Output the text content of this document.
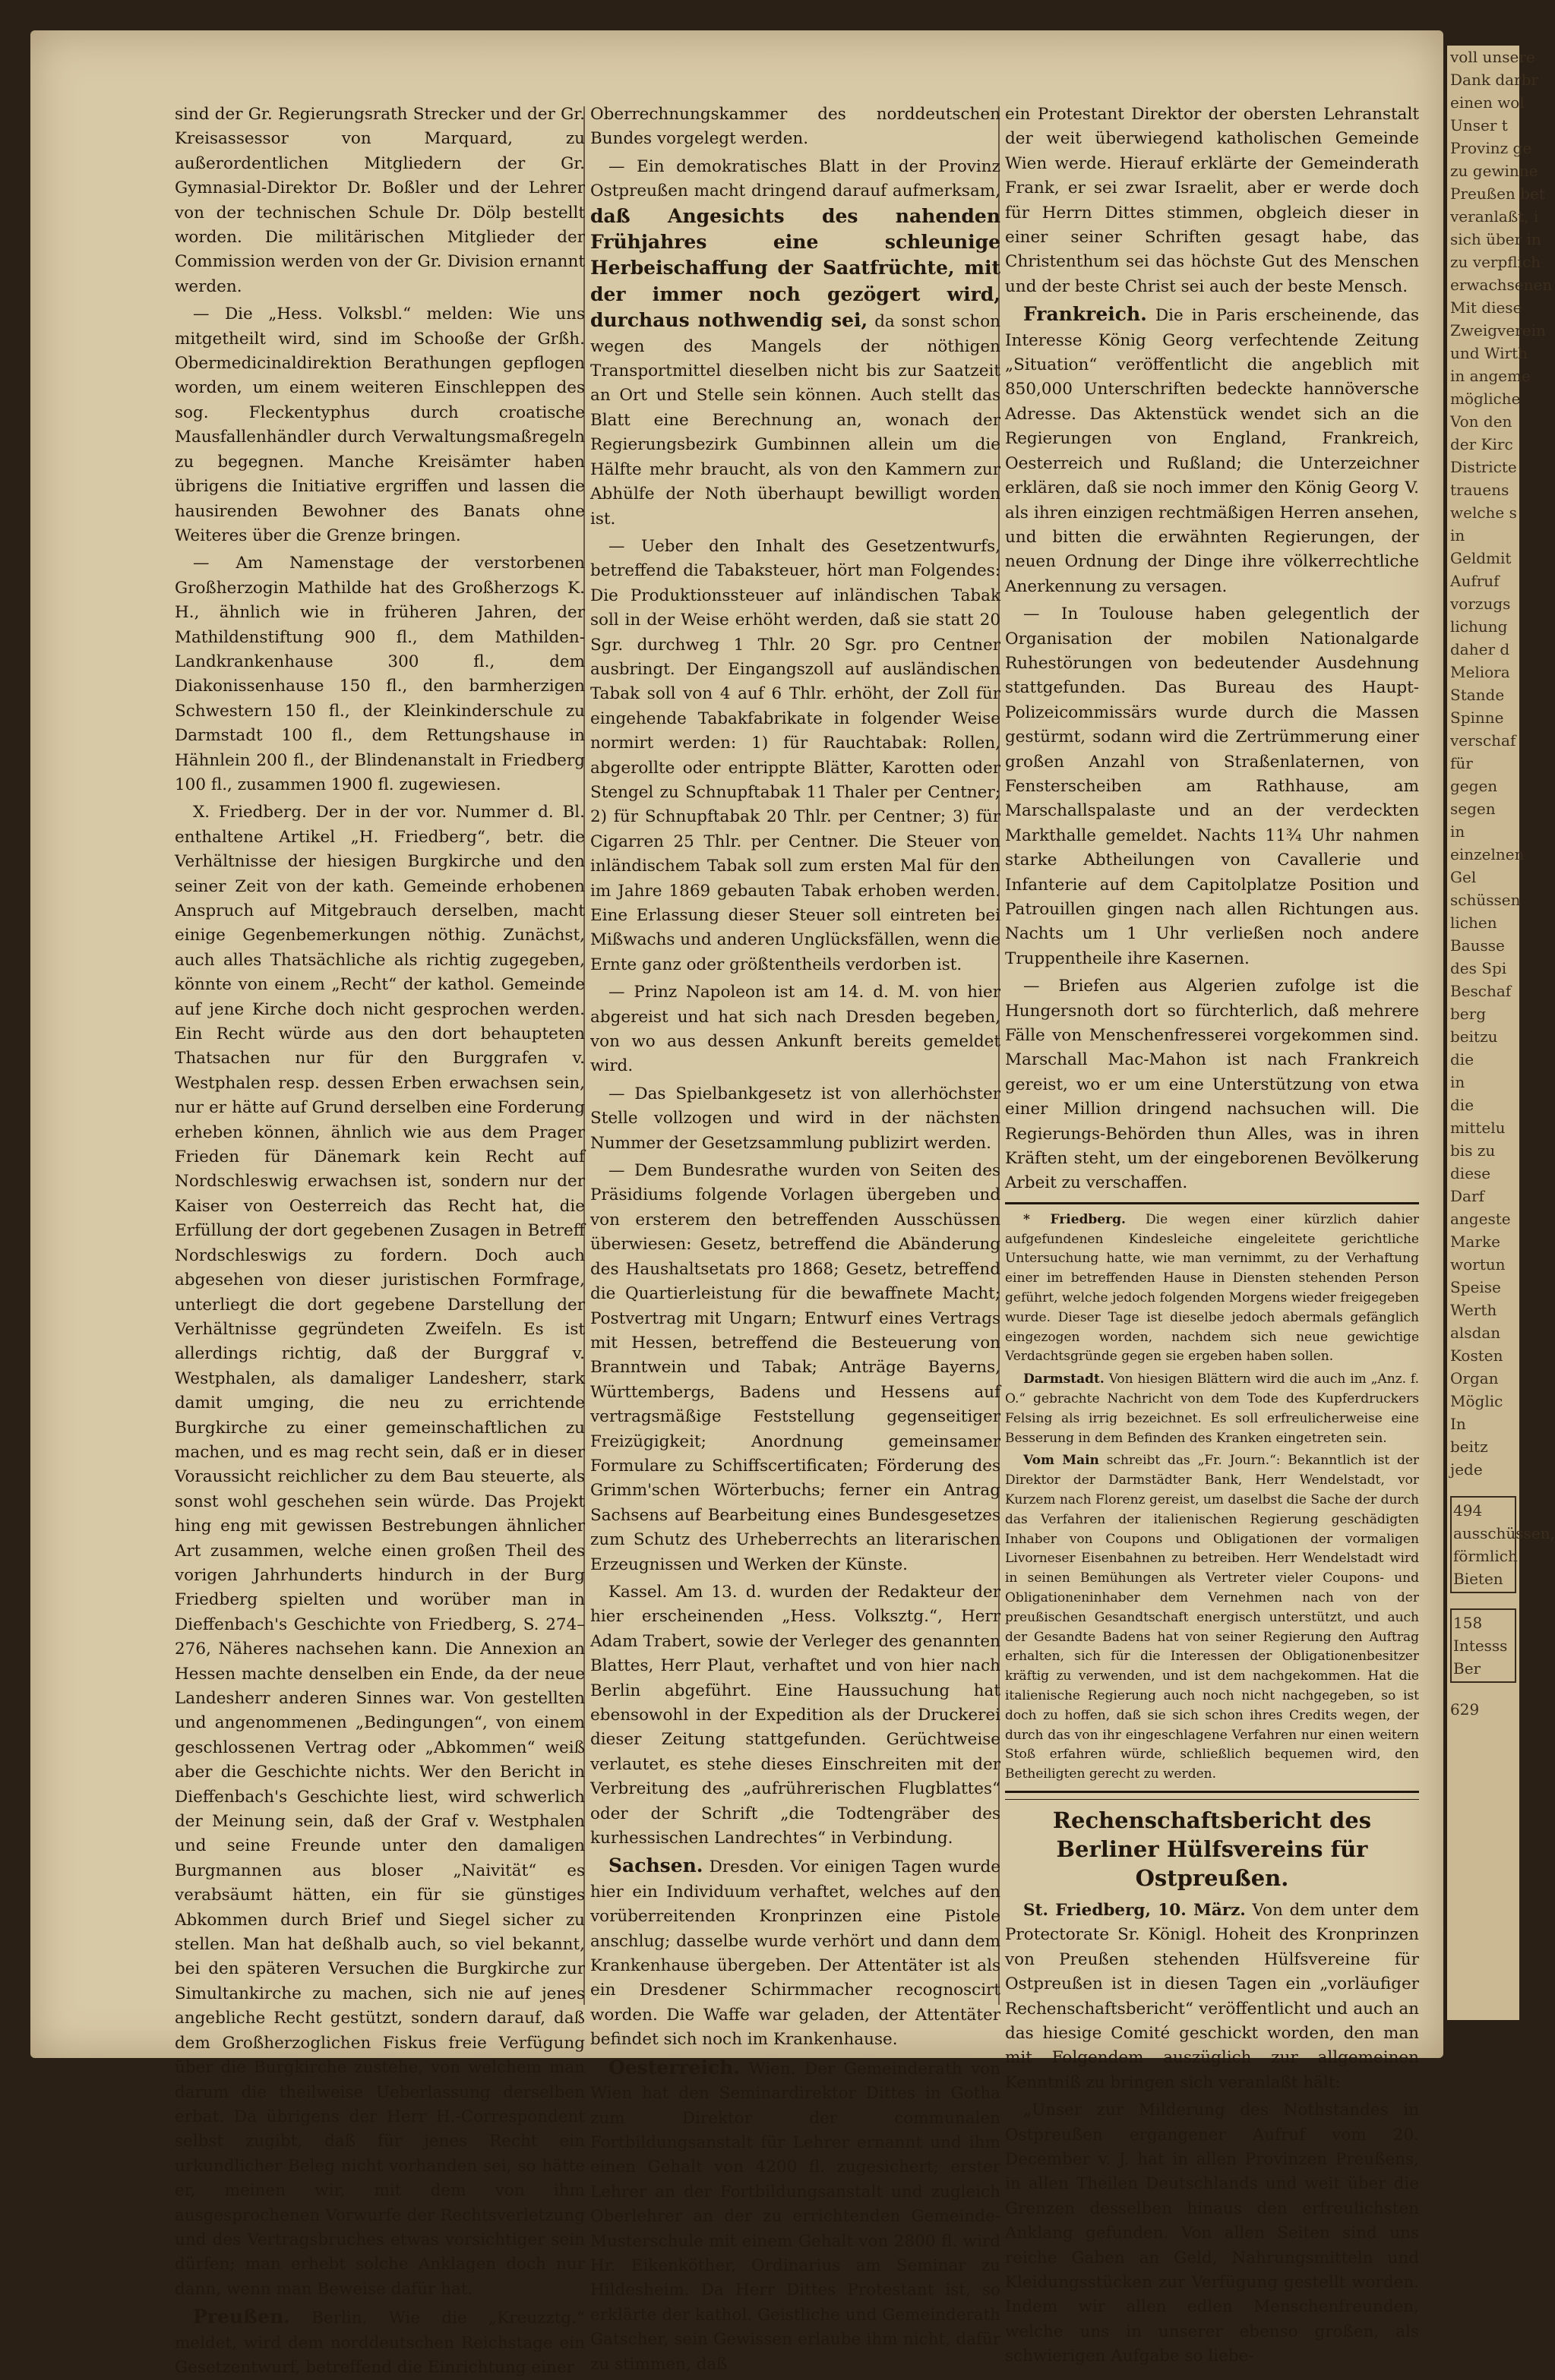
voll unsere
Dank darbr
einen wol
Unser t
Provinz ge
zu gewinne
Preußen bet
veranlaßt, i
sich über in
zu verpflich
erwachsenen
Mit diese
Zweigverein
und Wirth
in angeme
mögliche
Von den
der Kirc
Districte
trauens
welche s
in
Geldmit
Aufruf
vorzugs
lichung
daher d
Meliora
Stande
Spinne
verschaf
für
gegen
segen
in
einzelnen
Gel
schüssen
lichen
Bausse
des Spi
Beschaf
berg
beitzu
die
in
die
mittelu
bis zu
diese
Darf
angeste
Marke
wortun
Speise
Werth
alsdan
Kosten
Organ
Möglic
In
beitz
jede
494 ausschüssen, förmlich Bieten
158 Intesss Ber
629

sind der Gr. Regierungsrath Strecker und der Gr. Kreisassessor von Marquard, zu außerordentlichen Mitgliedern der Gr. Gymnasial-Direktor Dr. Boßler und der Lehrer von der technischen Schule Dr. Dölp bestellt worden. Die militärischen Mitglieder der Commission werden von der Gr. Division ernannt werden.

— Die „Hess. Volksbl.“ melden: Wie uns mitgetheilt wird, sind im Schooße der Grßh. Obermedicinaldirektion Berathungen gepflogen worden, um einem weiteren Einschleppen des sog. Fleckentyphus durch croatische Mausfallenhändler durch Verwaltungsmaßregeln zu begegnen. Manche Kreisämter haben übrigens die Initiative ergriffen und lassen die hausirenden Bewohner des Banats ohne Weiteres über die Grenze bringen.

— Am Namenstage der verstorbenen Großherzogin Mathilde hat des Großherzogs K. H., ähnlich wie in früheren Jahren, der Mathildenstiftung 900 fl., dem Mathilden-Landkrankenhause 300 fl., dem Diakonissenhause 150 fl., den barmherzigen Schwestern 150 fl., der Kleinkinderschule zu Darmstadt 100 fl., dem Rettungshause in Hähnlein 200 fl., der Blindenanstalt in Friedberg 100 fl., zusammen 1900 fl. zugewiesen.

X. Friedberg. Der in der vor. Nummer d. Bl. enthaltene Artikel „H. Friedberg“, betr. die Verhältnisse der hiesigen Burgkirche und den seiner Zeit von der kath. Gemeinde erhobenen Anspruch auf Mitgebrauch derselben, macht einige Gegenbemerkungen nöthig. Zunächst, auch alles Thatsächliche als richtig zugegeben, könnte von einem „Recht“ der kathol. Gemeinde auf jene Kirche doch nicht gesprochen werden. Ein Recht würde aus den dort behaupteten Thatsachen nur für den Burggrafen v. Westphalen resp. dessen Erben erwachsen sein, nur er hätte auf Grund derselben eine Forderung erheben können, ähnlich wie aus dem Prager Frieden für Dänemark kein Recht auf Nordschleswig erwachsen ist, sondern nur der Kaiser von Oesterreich das Recht hat, die Erfüllung der dort gegebenen Zusagen in Betreff Nordschleswigs zu fordern. Doch auch abgesehen von dieser juristischen Formfrage, unterliegt die dort gegebene Darstellung der Verhältnisse gegründeten Zweifeln. Es ist allerdings richtig, daß der Burggraf v. Westphalen, als damaliger Landesherr, stark damit umging, die neu zu errichtende Burgkirche zu einer gemeinschaftlichen zu machen, und es mag recht sein, daß er in dieser Voraussicht reichlicher zu dem Bau steuerte, als sonst wohl geschehen sein würde. Das Projekt hing eng mit gewissen Bestrebungen ähnlicher Art zusammen, welche einen großen Theil des vorigen Jahrhunderts hindurch in der Burg Friedberg spielten und worüber man in Dieffenbach's Geschichte von Friedberg, S. 274–276, Näheres nachsehen kann. Die Annexion an Hessen machte denselben ein Ende, da der neue Landesherr anderen Sinnes war. Von gestellten und angenommenen „Bedingungen“, von einem geschlossenen Vertrag oder „Abkommen“ weiß aber die Geschichte nichts. Wer den Bericht in Dieffenbach's Geschichte liest, wird schwerlich der Meinung sein, daß der Graf v. Westphalen und seine Freunde unter den damaligen Burgmannen aus bloser „Naivität“ es verabsäumt hätten, ein für sie günstiges Abkommen durch Brief und Siegel sicher zu stellen. Man hat deßhalb auch, so viel bekannt, bei den späteren Versuchen die Burgkirche zur Simultankirche zu machen, sich nie auf jenes angebliche Recht gestützt, sondern darauf, daß dem Großherzoglichen Fiskus freie Verfügung über die Burgkirche zustehe, von welchem man darum die theilweise Ueberlassung derselben erbat. Da übrigens der Herr H.-Correspondent selbst zugibt, daß für jenes Recht ein urkundlicher Beleg nicht vorhanden sei, so hätte er, meinen wir, mit dem von ihm ausgesprochenen Vorwurfe der Rechtsverletzung und des Vertragsbruches etwas vorsichtiger sein dürfen; man erhebt solche Anklagen doch nur dann, wenn man Beweise dafür hat.

Preußen. Berlin. Wie die „Kreuzztg.“ meldet, wird dem norddeutschen Reichstage ein Gesetzentwurf, betreffend die Einrichtung einer

Oberrechnungskammer des norddeutschen Bundes vorgelegt werden.

— Ein demokratisches Blatt in der Provinz Ostpreußen macht dringend darauf aufmerksam, daß Angesichts des nahenden Frühjahres eine schleunige Herbeischaffung der Saatfrüchte, mit der immer noch gezögert wird, durchaus nothwendig sei, da sonst schon wegen des Mangels der nöthigen Transportmittel dieselben nicht bis zur Saatzeit an Ort und Stelle sein können. Auch stellt das Blatt eine Berechnung an, wonach der Regierungsbezirk Gumbinnen allein um die Hälfte mehr braucht, als von den Kammern zur Abhülfe der Noth überhaupt bewilligt worden ist.

— Ueber den Inhalt des Gesetzentwurfs, betreffend die Tabaksteuer, hört man Folgendes: Die Produktionssteuer auf inländischen Tabak soll in der Weise erhöht werden, daß sie statt 20 Sgr. durchweg 1 Thlr. 20 Sgr. pro Centner ausbringt. Der Eingangszoll auf ausländischen Tabak soll von 4 auf 6 Thlr. erhöht, der Zoll für eingehende Tabakfabrikate in folgender Weise normirt werden: 1) für Rauchtabak: Rollen, abgerollte oder entrippte Blätter, Karotten oder Stengel zu Schnupftabak 11 Thaler per Centner; 2) für Schnupftabak 20 Thlr. per Centner; 3) für Cigarren 25 Thlr. per Centner. Die Steuer von inländischem Tabak soll zum ersten Mal für den im Jahre 1869 gebauten Tabak erhoben werden. Eine Erlassung dieser Steuer soll eintreten bei Mißwachs und anderen Unglücksfällen, wenn die Ernte ganz oder größtentheils verdorben ist.

— Prinz Napoleon ist am 14. d. M. von hier abgereist und hat sich nach Dresden begeben, von wo aus dessen Ankunft bereits gemeldet wird.

— Das Spielbankgesetz ist von allerhöchster Stelle vollzogen und wird in der nächsten Nummer der Gesetzsammlung publizirt werden.

— Dem Bundesrathe wurden von Seiten des Präsidiums folgende Vorlagen übergeben und von ersterem den betreffenden Ausschüssen überwiesen: Gesetz, betreffend die Abänderung des Haushaltsetats pro 1868; Gesetz, betreffend die Quartierleistung für die bewaffnete Macht; Postvertrag mit Ungarn; Entwurf eines Vertrags mit Hessen, betreffend die Besteuerung von Branntwein und Tabak; Anträge Bayerns, Württembergs, Badens und Hessens auf vertragsmäßige Feststellung gegenseitiger Freizügigkeit; Anordnung gemeinsamer Formulare zu Schiffscertificaten; Förderung des Grimm'schen Wörterbuchs; ferner ein Antrag Sachsens auf Bearbeitung eines Bundesgesetzes zum Schutz des Urheberrechts an literarischen Erzeugnissen und Werken der Künste.

Kassel. Am 13. d. wurden der Redakteur der hier erscheinenden „Hess. Volksztg.“, Herr Adam Trabert, sowie der Verleger des genannten Blattes, Herr Plaut, verhaftet und von hier nach Berlin abgeführt. Eine Haussuchung hat ebensowohl in der Expedition als der Druckerei dieser Zeitung stattgefunden. Gerüchtweise verlautet, es stehe dieses Einschreiten mit der Verbreitung des „aufrührerischen Flugblattes“ oder der Schrift „die Todtengräber des kurhessischen Landrechtes“ in Verbindung.

Sachsen. Dresden. Vor einigen Tagen wurde hier ein Individuum verhaftet, welches auf den vorüberreitenden Kronprinzen eine Pistole anschlug; dasselbe wurde verhört und dann dem Krankenhause übergeben. Der Attentäter ist als ein Dresdener Schirmmacher recognoscirt worden. Die Waffe war geladen, der Attentäter befindet sich noch im Krankenhause.

Oesterreich. Wien. Der Gemeinderath von Wien hat den Seminardirektor Dittes in Gotha zum Direktor der communalen Fortbildungsanstalt für Lehrer ernannt und ihm einen Gehalt von 4200 fl. zugesichert; erster Lehrer an der Fortbildungsanstalt und zugleich Oberlehrer an der zu errichtenden Gemeinde-Musterschule mit einem Gehalt von 2800 fl. wird Hr. Eikenköther, Ordinarius am Seminar zu Hildesheim. Da Herr Dittes Protestant ist, so erklärte der kathol. Geistliche und Gemeinderath Gatscher, sein Gewissen erlaube ihm nicht, dafür zu stimmen, daß

ein Protestant Direktor der obersten Lehranstalt der weit überwiegend katholischen Gemeinde Wien werde. Hierauf erklärte der Gemeinderath Frank, er sei zwar Israelit, aber er werde doch für Herrn Dittes stimmen, obgleich dieser in einer seiner Schriften gesagt habe, das Christenthum sei das höchste Gut des Menschen und der beste Christ sei auch der beste Mensch.

Frankreich. Die in Paris erscheinende, das Interesse König Georg verfechtende Zeitung „Situation“ veröffentlicht die angeblich mit 850,000 Unterschriften bedeckte hannöversche Adresse. Das Aktenstück wendet sich an die Regierungen von England, Frankreich, Oesterreich und Rußland; die Unterzeichner erklären, daß sie noch immer den König Georg V. als ihren einzigen rechtmäßigen Herren ansehen, und bitten die erwähnten Regierungen, der neuen Ordnung der Dinge ihre völkerrechtliche Anerkennung zu versagen.

— In Toulouse haben gelegentlich der Organisation der mobilen Nationalgarde Ruhestörungen von bedeutender Ausdehnung stattgefunden. Das Bureau des Haupt-Polizeicommissärs wurde durch die Massen gestürmt, sodann wird die Zertrümmerung einer großen Anzahl von Straßenlaternen, von Fensterscheiben am Rathhause, am Marschallspalaste und an der verdeckten Markthalle gemeldet. Nachts 11¾ Uhr nahmen starke Abtheilungen von Cavallerie und Infanterie auf dem Capitolplatze Position und Patrouillen gingen nach allen Richtungen aus. Nachts um 1 Uhr verließen noch andere Truppentheile ihre Kasernen.

— Briefen aus Algerien zufolge ist die Hungersnoth dort so fürchterlich, daß mehrere Fälle von Menschenfresserei vorgekommen sind. Marschall Mac-Mahon ist nach Frankreich gereist, wo er um eine Unterstützung von etwa einer Million dringend nachsuchen will. Die Regierungs-Behörden thun Alles, was in ihren Kräften steht, um der eingeborenen Bevölkerung Arbeit zu verschaffen.

* Friedberg. Die wegen einer kürzlich dahier aufgefundenen Kindesleiche eingeleitete gerichtliche Untersuchung hatte, wie man vernimmt, zu der Verhaftung einer im betreffenden Hause in Diensten stehenden Person geführt, welche jedoch folgenden Morgens wieder freigegeben wurde. Dieser Tage ist dieselbe jedoch abermals gefänglich eingezogen worden, nachdem sich neue gewichtige Verdachtsgründe gegen sie ergeben haben sollen.

Darmstadt. Von hiesigen Blättern wird die auch im „Anz. f. O.“ gebrachte Nachricht von dem Tode des Kupferdruckers Felsing als irrig bezeichnet. Es soll erfreulicherweise eine Besserung in dem Befinden des Kranken eingetreten sein.

Vom Main schreibt das „Fr. Journ.“: Bekanntlich ist der Direktor der Darmstädter Bank, Herr Wendelstadt, vor Kurzem nach Florenz gereist, um daselbst die Sache der durch das Verfahren der italienischen Regierung geschädigten Inhaber von Coupons und Obligationen der vormaligen Livorneser Eisenbahnen zu betreiben. Herr Wendelstadt wird in seinen Bemühungen als Vertreter vieler Coupons- und Obligationeninhaber dem Vernehmen nach von der preußischen Gesandtschaft energisch unterstützt, und auch der Gesandte Badens hat von seiner Regierung den Auftrag erhalten, sich für die Interessen der Obligationenbesitzer kräftig zu verwenden, und ist dem nachgekommen. Hat die italienische Regierung auch noch nicht nachgegeben, so ist doch zu hoffen, daß sie sich schon ihres Credits wegen, der durch das von ihr eingeschlagene Verfahren nur einen weitern Stoß erfahren würde, schließlich bequemen wird, den Betheiligten gerecht zu werden.

Rechenschaftsbericht des Berliner Hülfsvereins für Ostpreußen.

St. Friedberg, 10. März. Von dem unter dem Protectorate Sr. Königl. Hoheit des Kronprinzen von Preußen stehenden Hülfsvereine für Ostpreußen ist in diesen Tagen ein „vorläufiger Rechenschaftsbericht“ veröffentlicht und auch an das hiesige Comité geschickt worden, den man mit Folgendem auszüglich zur allgemeinen Kenntniß zu bringen sich veranlaßt hält:

„Unser zur Milderung des Nothstandes in Ostpreußen ergangener Aufruf vom 20. December v. J. hat in allen Provinzen Preußens, in allen Theilen Deutschlands und weit über die Grenzen desselben hinaus den erfreulichsten Anklang gefunden. Von allen Seiten sind uns reiche Gaben an Geld, Nahrungsmitteln und Kleidungsstücken zur Verfügung gestellt worden. Indem wir allen edlen Menschenfreunden, welche uns in unserer ebenso großen, als schwierigen Aufgabe so liebe-
